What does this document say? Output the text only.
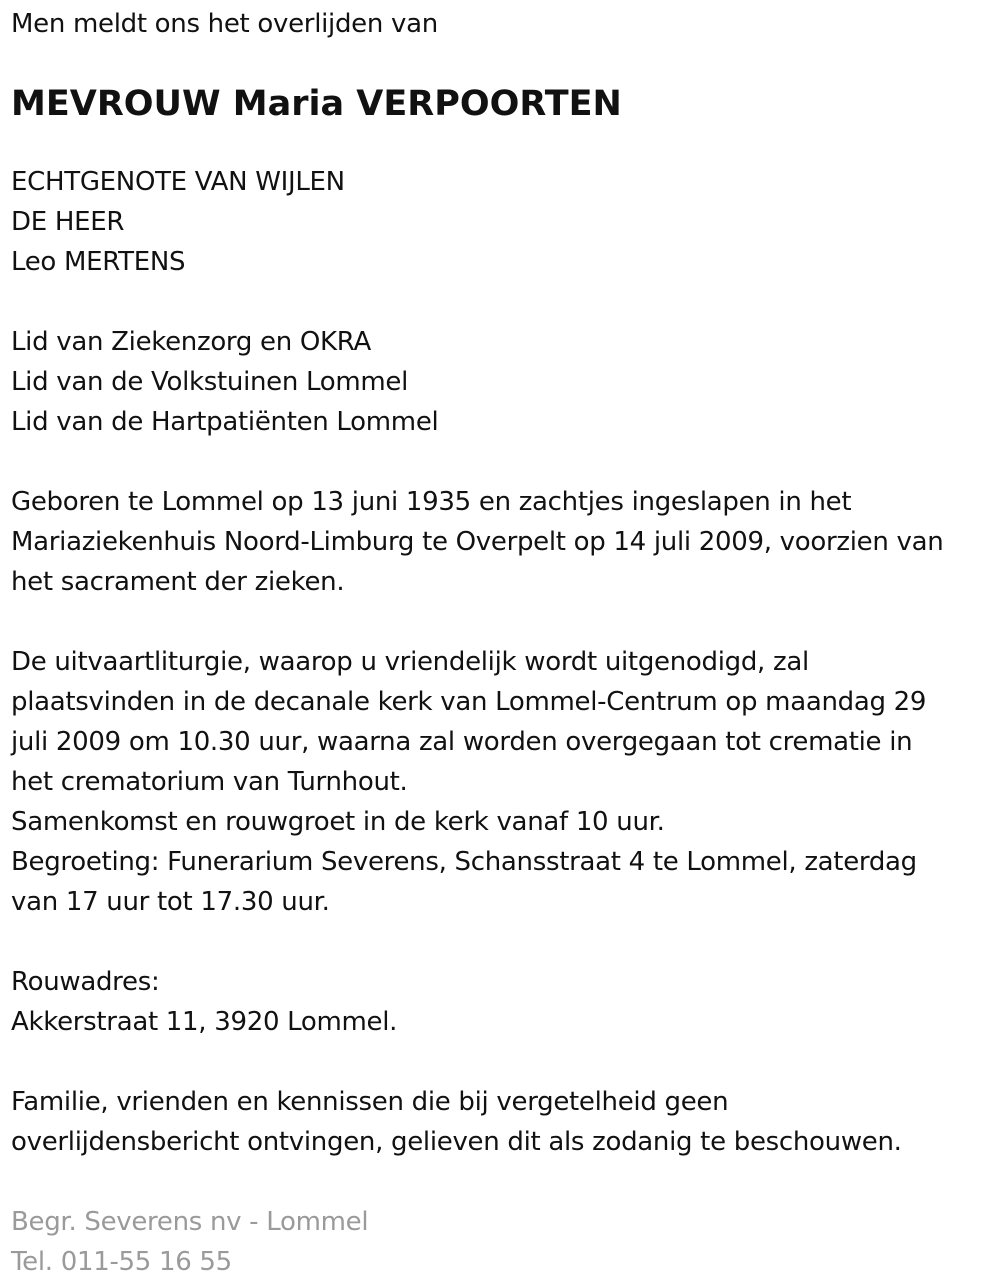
Men meldt ons het overlijden van

MEVROUW Maria VERPOORTEN

ECHTGENOTE VAN WIJLEN

DE HEER

Leo MERTENS

Lid van Ziekenzorg en OKRA

Lid van de Volkstuinen Lommel

Lid van de Hartpatiënten Lommel

Geboren te Lommel op 13 juni 1935 en zachtjes ingeslapen in het

Mariaziekenhuis Noord-Limburg te Overpelt op 14 juli 2009, voorzien van

het sacrament der zieken.

De uitvaartliturgie, waarop u vriendelijk wordt uitgenodigd, zal

plaatsvinden in de decanale kerk van Lommel-Centrum op maandag 29

juli 2009 om 10.30 uur, waarna zal worden overgegaan tot crematie in

het crematorium van Turnhout.

Samenkomst en rouwgroet in de kerk vanaf 10 uur.

Begroeting: Funerarium Severens, Schansstraat 4 te Lommel, zaterdag

van 17 uur tot 17.30 uur.

Rouwadres:

Akkerstraat 11, 3920 Lommel.

Familie, vrienden en kennissen die bij vergetelheid geen

overlijdensbericht ontvingen, gelieven dit als zodanig te beschouwen.

Begr. Severens nv - Lommel

Tel. 011-55 16 55
